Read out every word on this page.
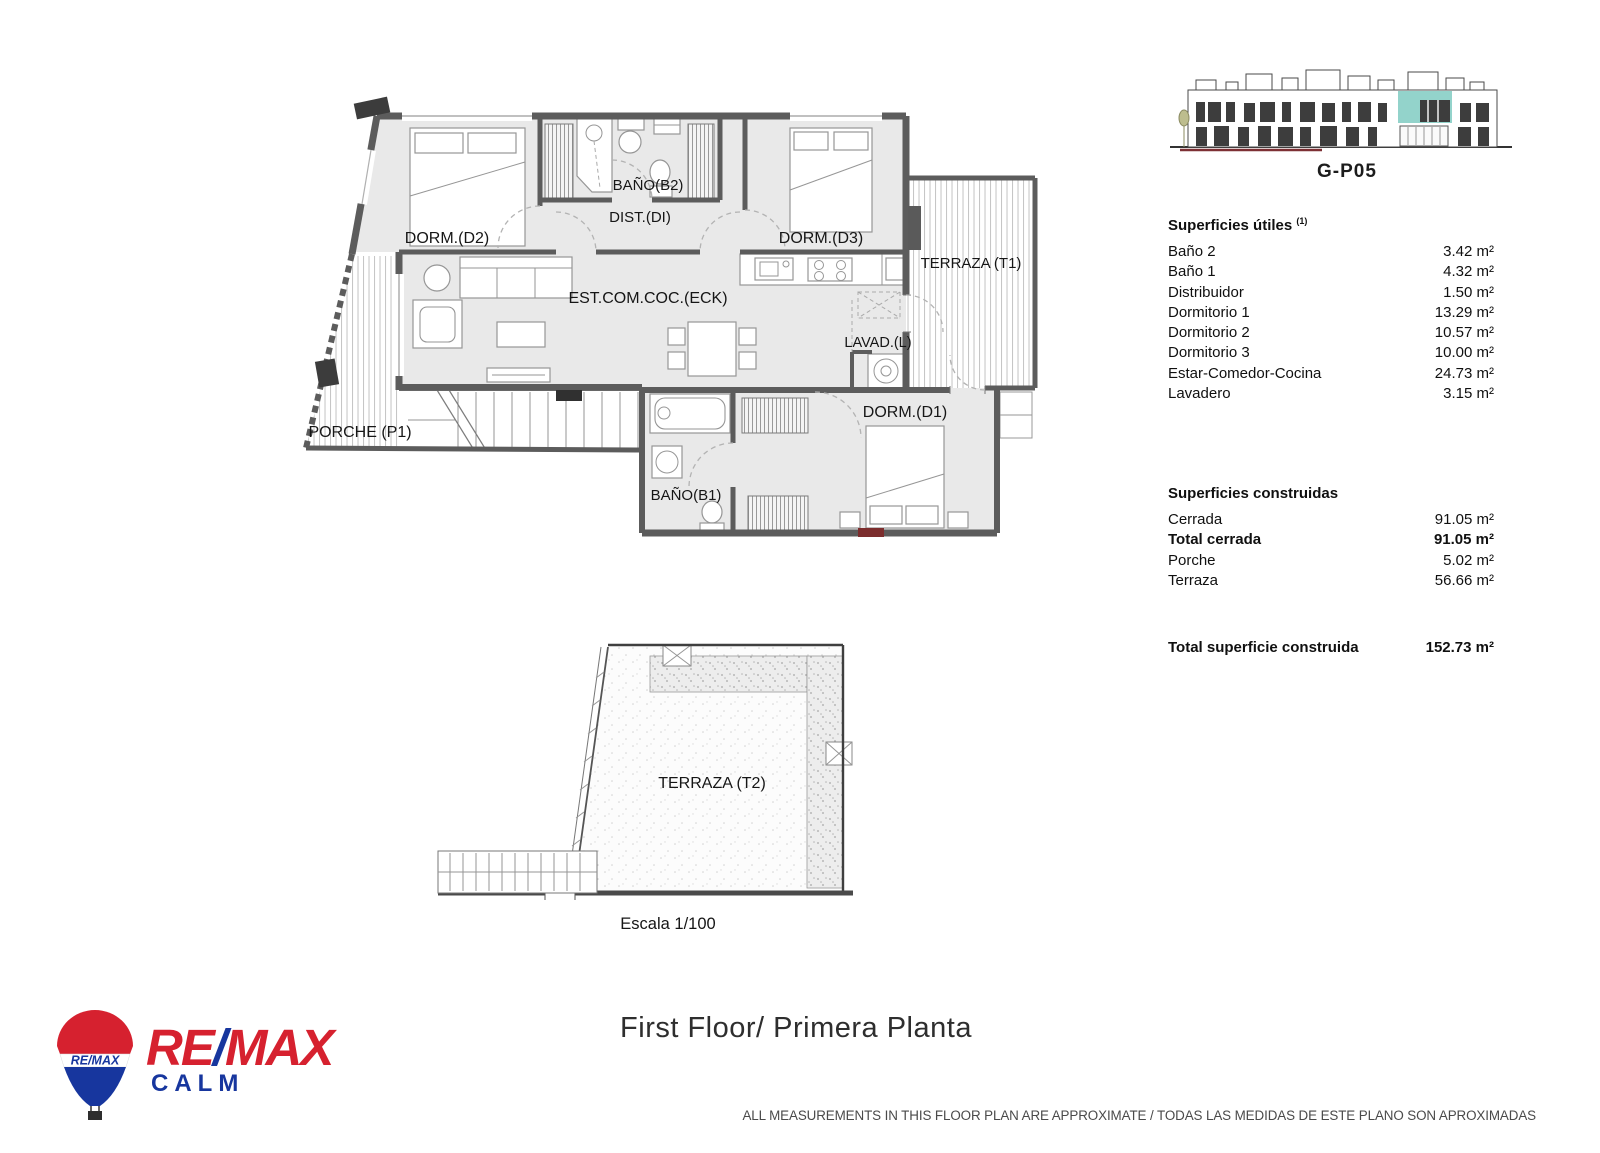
DORM.(D2)
BAÑO(B2)
DIST.(DI)
DORM.(D3)
TERRAZA (T1)
EST.COM.COC.(ECK)
LAVAD.(L)
PORCHE (P1)
DORM.(D1)
BAÑO(B1)
TERRAZA (T2)
Escala 1/100
G-P05
Superficies útiles $^{(1)}$
Baño 2	3.42 m²
Baño 1	4.32 m²
Distribuidor	1.50 m²
Dormitorio 1	13.29 m²
Dormitorio 2	10.57 m²
Dormitorio 3	10.00 m²
Estar-Comedor-Cocina	24.73 m²
Lavadero	3.15 m²
Superficies construidas
Cerrada	91.05 m²
Total cerrada	91.05 m²
Porche	5.02 m²
Terraza	56.66 m²
Total superficie construida	152.73 m²
RE/MAX RE/MAX
CALM
First Floor/ Primera Planta
ALL MEASUREMENTS IN THIS FLOOR PLAN ARE APPROXIMATE / TODAS LAS MEDIDAS DE ESTE PLANO SON APROXIMADAS
